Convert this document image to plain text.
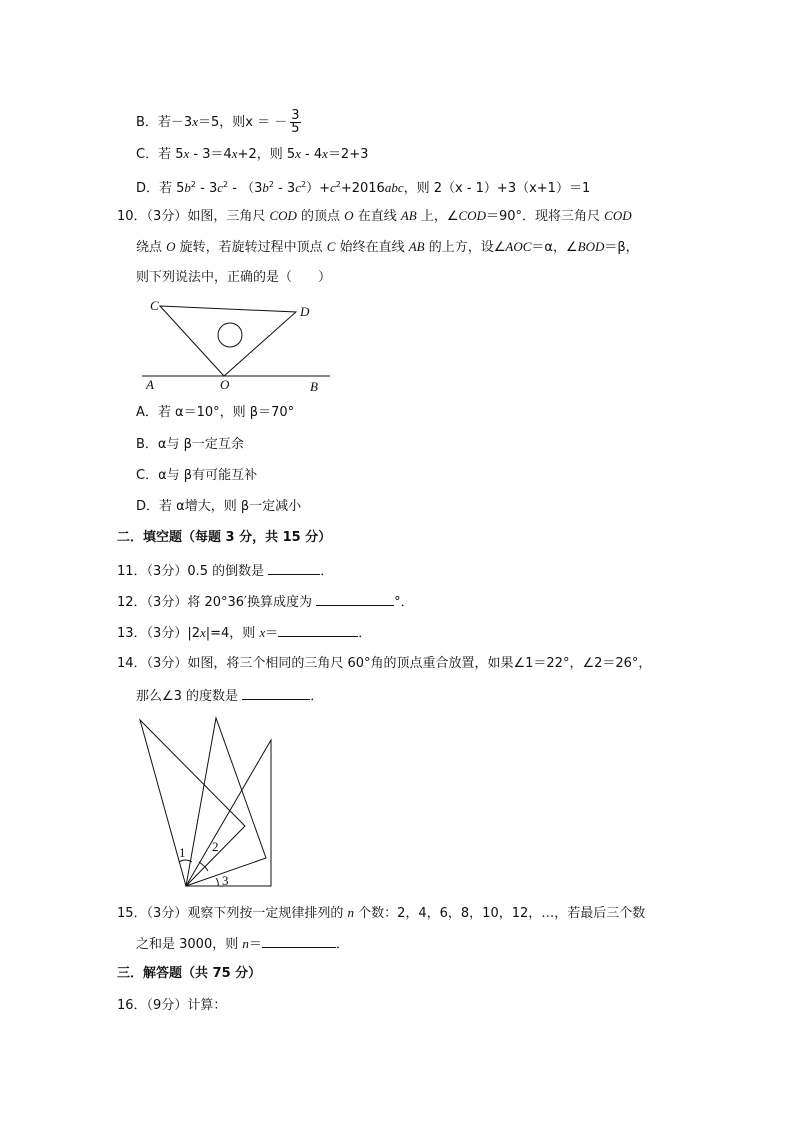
B．若－3x＝5，则x ＝ － $\frac{3}{5}$
C．若 5x - 3＝4x+2，则 5x - 4x＝2+3
D．若 $5b^2 - 3c^2 - (3b^2 - 3c^2)+c^2+2016abc$，则 2（x - 1）+3（x+1）＝1
10．（3分）如图，三角尺 COD 的顶点 O 在直线 AB 上，∠COD＝90°．现将三角尺 COD
绕点 O 旋转，若旋转过程中顶点 C 始终在直线 AB 的上方，设∠AOC＝α，∠BOD＝β，
则下列说法中，正确的是（　　）
C	D
A	O	B
A．若 α＝10°，则 β＝70°
B．α与 β一定互余
C．α与 β有可能互补
D．若 α增大，则 β一定减小
二．填空题（每题 3 分，共 15 分）
11．（3分）0.5 的倒数是	．
12．（3分）将 20°36′换算成度为	°．
13．（3分）|2x|=4，则 x＝	．
14．（3分）如图，将三个相同的三角尺 60°角的顶点重合放置，如果∠1＝22°，∠2＝26°，
那么∠3 的度数是	．
1 2
3
15．（3分）观察下列按一定规律排列的 n 个数：2，4，6，8，10，12，…，若最后三个数
之和是 3000，则 n＝	．
三．解答题（共 75 分）
16．（9分）计算：
